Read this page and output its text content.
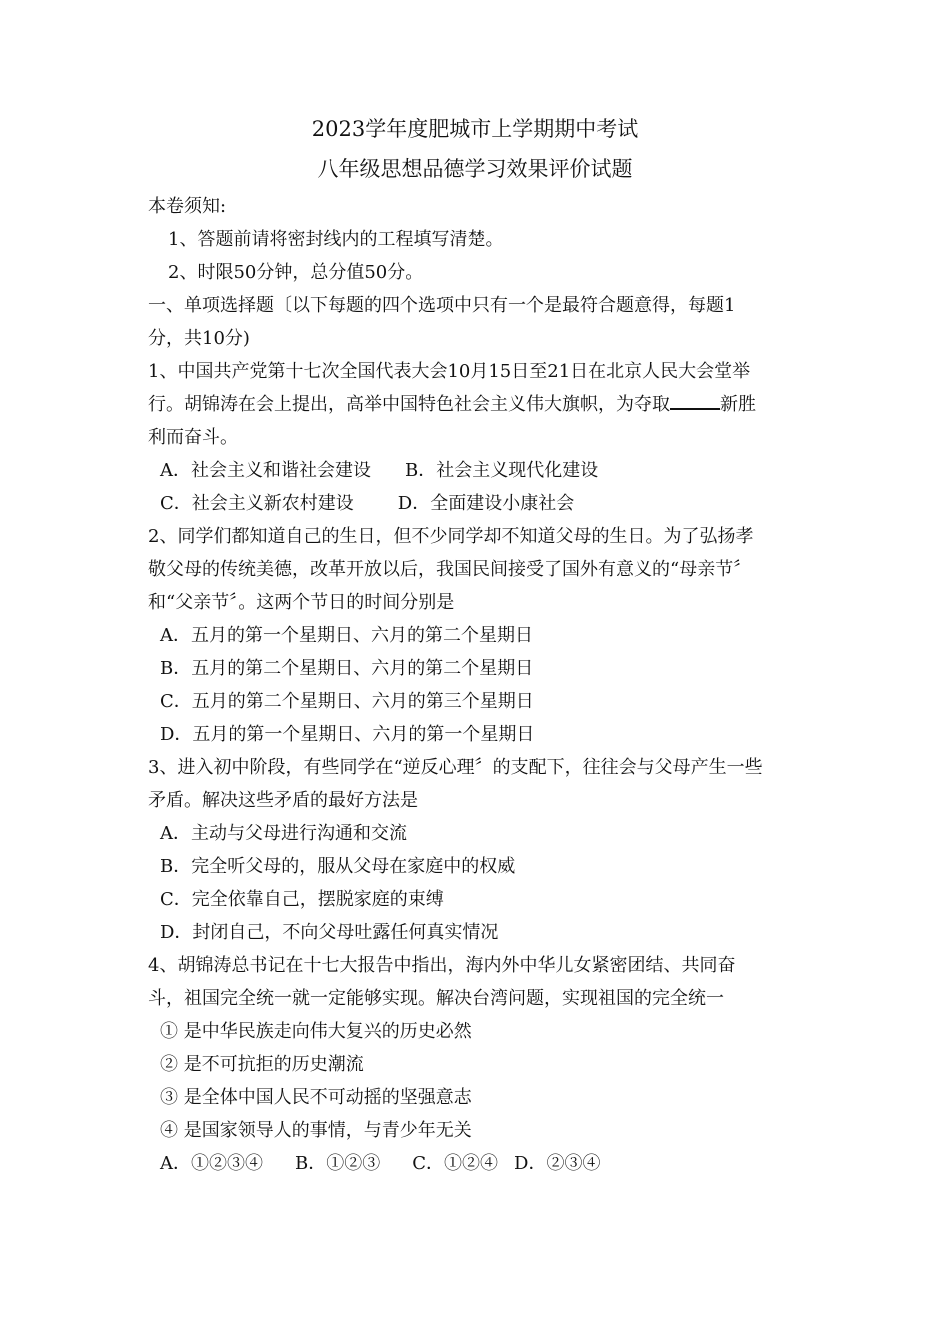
2023学年度肥城市上学期期中考试
八年级思想品德学习效果评价试题
本卷须知:
1、答题前请将密封线内的工程填写清楚。
2、时限50分钟，总分值50分。
一、单项选择题〔以下每题的四个选项中只有一个是最符合题意得，每题1
分，共10分)
1、中国共产党第十七次全国代表大会10月15日至21日在北京人民大会堂举
行。胡锦涛在会上提出，高举中国特色社会主义伟大旗帜，为夺取	新胜
利而奋斗。
A．社会主义和谐社会建设 B．社会主义现代化建设
C．社会主义新农村建设 D．全面建设小康社会
2、同学们都知道自己的生日，但不少同学却不知道父母的生日。为了弘扬孝
敬父母的传统美德，改革开放以后，我国民间接受了国外有意义的“母亲节〞
和“父亲节〞。这两个节日的时间分别是
A．五月的第一个星期日、六月的第二个星期日
B．五月的第二个星期日、六月的第二个星期日
C．五月的第二个星期日、六月的第三个星期日
D．五月的第一个星期日、六月的第一个星期日
3、进入初中阶段，有些同学在“逆反心理〞的支配下，往往会与父母产生一些
矛盾。解决这些矛盾的最好方法是
A．主动与父母进行沟通和交流
B．完全听父母的，服从父母在家庭中的权威
C．完全依靠自己，摆脱家庭的束缚
D．封闭自己，不向父母吐露任何真实情况
4、胡锦涛总书记在十七大报告中指出，海内外中华儿女紧密团结、共同奋
斗，祖国完全统一就一定能够实现。解决台湾问题，实现祖国的完全统一
① 是中华民族走向伟大复兴的历史必然
② 是不可抗拒的历史潮流
③ 是全体中国人民不可动摇的坚强意志
④ 是国家领导人的事情，与青少年无关
A．①②③④ B．①②③ C．①②④ D．②③④
